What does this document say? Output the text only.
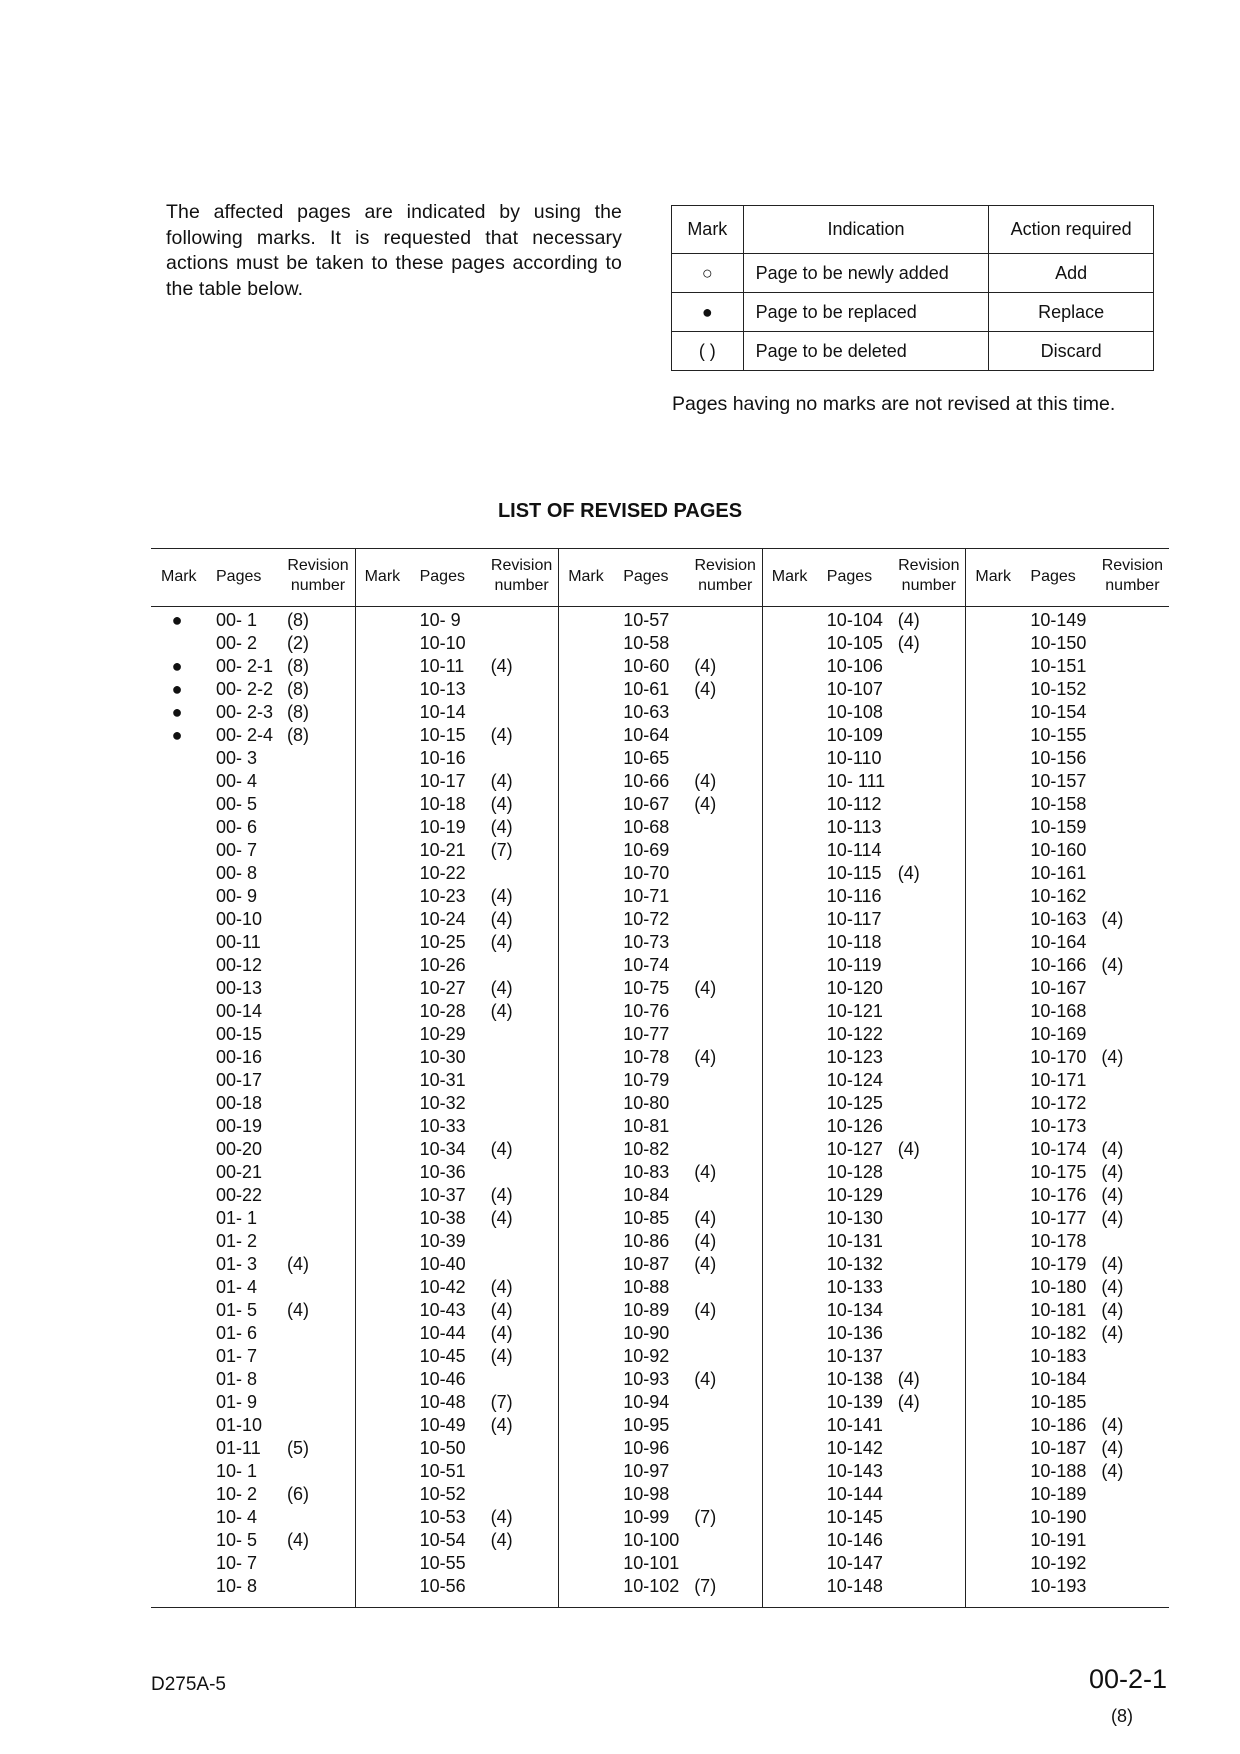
The affected pages are indicated by using the following marks. It is requested that necessary actions must be taken to these pages according to the table below.
Mark	Indication	Action required
○	Page to be newly added	Add
●	Page to be replaced	Replace
( )	Page to be deleted	Discard
Pages having no marks are not revised at this time.
LIST OF REVISED PAGES
Mark Pages
Revision
number
● 00- 1 (8)
00- 2 (2)
● 00- 2-1 (8)
● 00- 2-2 (8)
● 00- 2-3 (8)
● 00- 2-4 (8)
00- 3
00- 4
00- 5
00- 6
00- 7
00- 8
00- 9
00-10
00-11
00-12
00-13
00-14
00-15
00-16
00-17
00-18
00-19
00-20
00-21
00-22
01- 1
01- 2
01- 3 (4)
01- 4
01- 5 (4)
01- 6
01- 7
01- 8
01- 9
01-10
01-11 (5)
10- 1
10- 2 (6)
10- 4
10- 5 (4)
10- 7
10- 8
Mark Pages
Revision
number
10- 9
10-10
10-11 (4)
10-13
10-14
10-15 (4)
10-16
10-17 (4)
10-18 (4)
10-19 (4)
10-21 (7)
10-22
10-23 (4)
10-24 (4)
10-25 (4)
10-26
10-27 (4)
10-28 (4)
10-29
10-30
10-31
10-32
10-33
10-34 (4)
10-36
10-37 (4)
10-38 (4)
10-39
10-40
10-42 (4)
10-43 (4)
10-44 (4)
10-45 (4)
10-46
10-48 (7)
10-49 (4)
10-50
10-51
10-52
10-53 (4)
10-54 (4)
10-55
10-56
Mark Pages
Revision
number
10-57
10-58
10-60 (4)
10-61 (4)
10-63
10-64
10-65
10-66 (4)
10-67 (4)
10-68
10-69
10-70
10-71
10-72
10-73
10-74
10-75 (4)
10-76
10-77
10-78 (4)
10-79
10-80
10-81
10-82
10-83 (4)
10-84
10-85 (4)
10-86 (4)
10-87 (4)
10-88
10-89 (4)
10-90
10-92
10-93 (4)
10-94
10-95
10-96
10-97
10-98
10-99 (7)
10-100
10-101
10-102 (7)
Mark Pages
Revision
number
10-104 (4)
10-105 (4)
10-106
10-107
10-108
10-109
10-110
10- 111
10-112
10-113
10-114
10-115 (4)
10-116
10-117
10-118
10-119
10-120
10-121
10-122
10-123
10-124
10-125
10-126
10-127 (4)
10-128
10-129
10-130
10-131
10-132
10-133
10-134
10-136
10-137
10-138 (4)
10-139 (4)
10-141
10-142
10-143
10-144
10-145
10-146
10-147
10-148
Mark Pages
Revision
number
10-149
10-150
10-151
10-152
10-154
10-155
10-156
10-157
10-158
10-159
10-160
10-161
10-162
10-163 (4)
10-164
10-166 (4)
10-167
10-168
10-169
10-170 (4)
10-171
10-172
10-173
10-174 (4)
10-175 (4)
10-176 (4)
10-177 (4)
10-178
10-179 (4)
10-180 (4)
10-181 (4)
10-182 (4)
10-183
10-184
10-185
10-186 (4)
10-187 (4)
10-188 (4)
10-189
10-190
10-191
10-192
10-193
D275A-5	00-2-1
(8)
